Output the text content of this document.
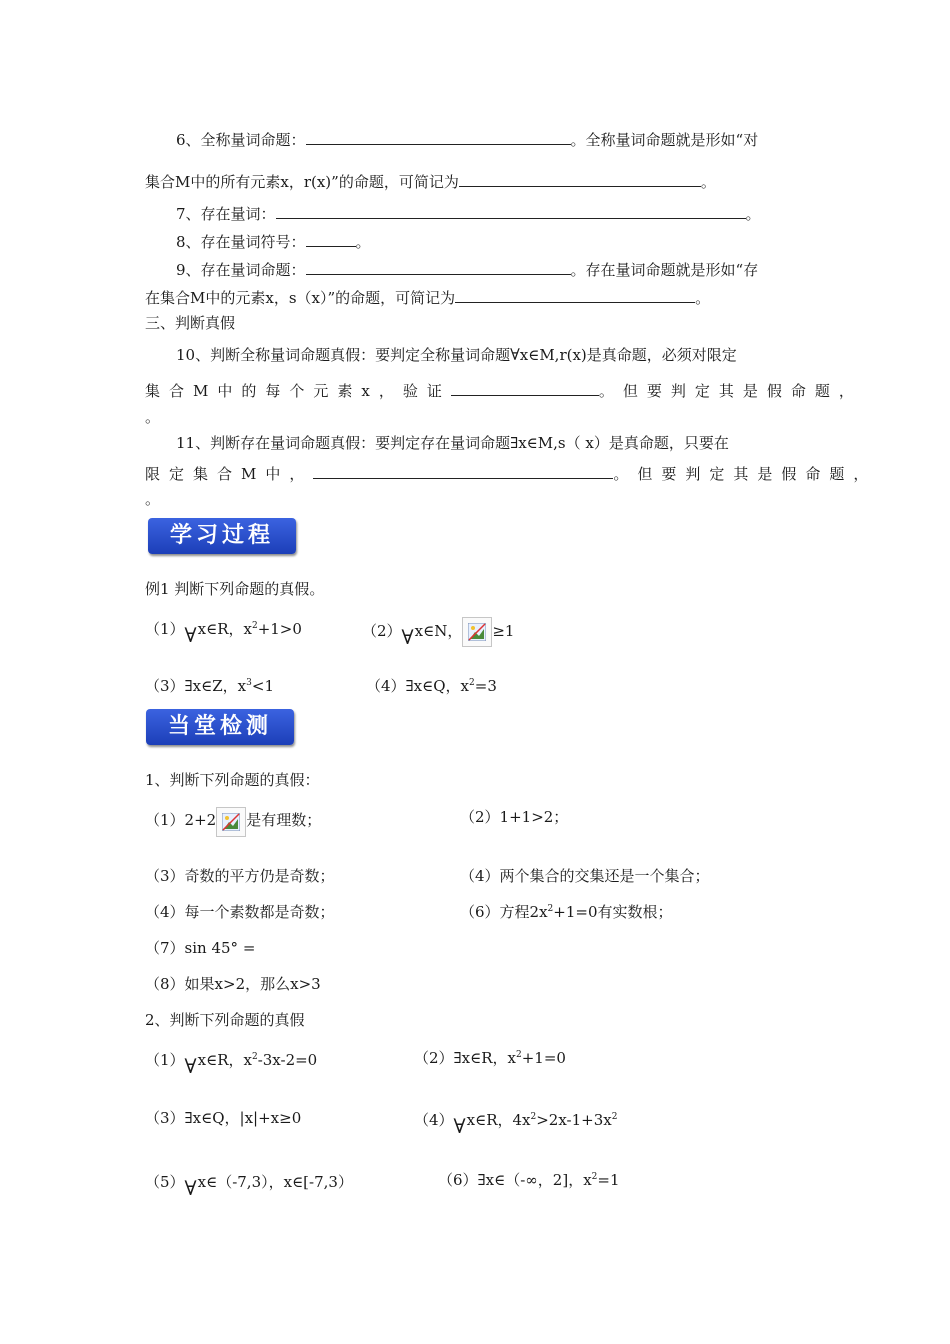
6、全称量词命题：	。全称量词命题就是形如“对
集合M中的所有元素x，r(x)”的命题，可简记为	。
7、存在量词：	。
8、存在量词符号：	。
9、存在量词命题：	。存在量词命题就是形如“存
在集合M中的元素x，s（x）”的命题，可简记为	。
三、判断真假
10、判断全称量词命题真假：要判定全称量词命题∀x∈M,r(x)是真命题，必须对限定
集合M中的每个元素x，验证	。但要判定其是假命题，
。
11、判断存在量词命题真假：要判定存在量词命题∃x∈M,s（ x）是真命题，只要在
限定集合M中，	。但要判定其是假命题，
。
学习过程
例1 判断下列命题的真假。
（1）∀x∈R，$x^2+1>0$	（2）∀x∈N， ≥1
（3）∃x∈Z，$x^3<1$	（4）∃x∈Q，$x^2=3$
当堂检测
1、判断下列命题的真假：
（1）2+2 是有理数；	（2）1+1>2；
（3）奇数的平方仍是奇数；	（4）两个集合的交集还是一个集合；
（4）每一个素数都是奇数；	（6）方程$2x^2+1=0$有实数根；
（7）sin 45° =
（8）如果x>2，那么x>3
2、判断下列命题的真假
（1）∀x∈R，$x^2-3x-2=0$	（2）∃x∈R，$x^2+1=0$
（3）∃x∈Q，|x|+x≥0	（4）∀x∈R，$4x^2>2x-1+3x^2$
（5）∀x∈（-7,3），x∈[-7,3）	（6）∃x∈（-∞，2]，$x^2=1$
